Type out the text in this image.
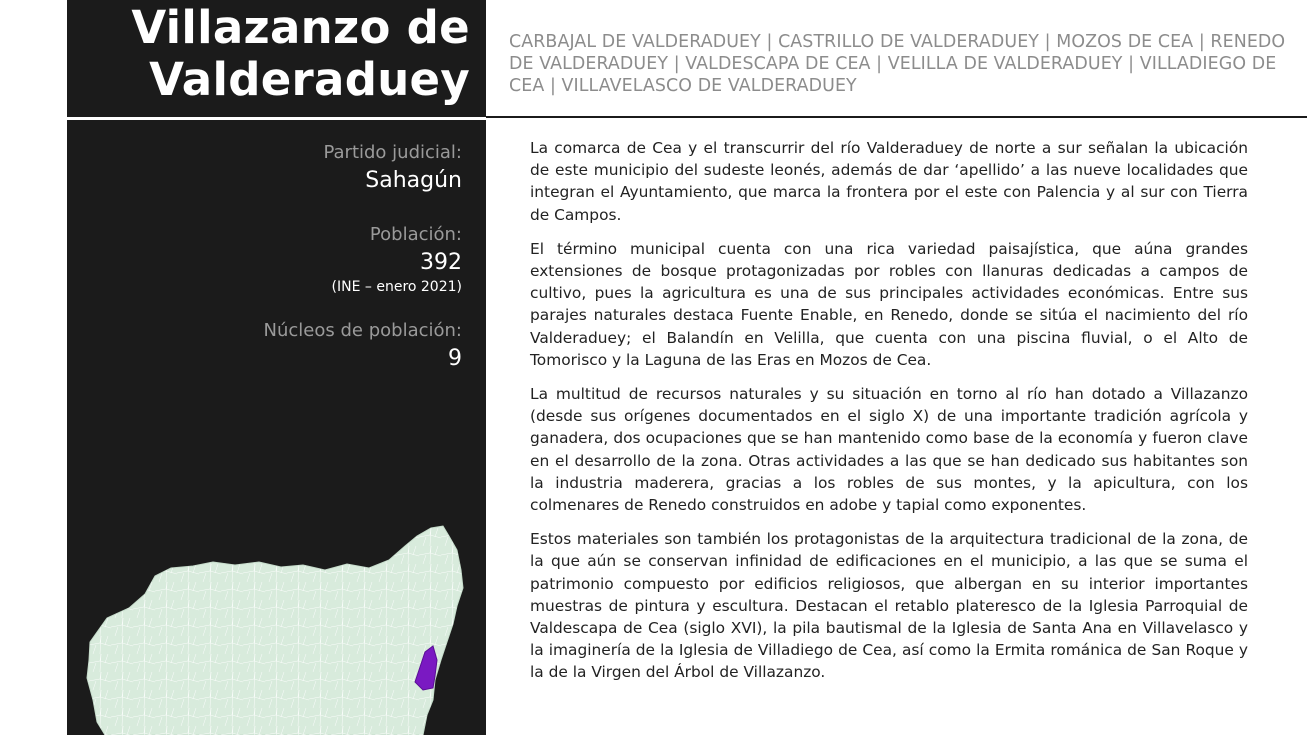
Partido judicial:
Sahagún
Población:
392
(INE – enero 2021)
Núcleos de población:
9
Villazanzo de
Valderaduey

CARBAJAL DE VALDERADUEY | CASTRILLO DE VALDERADUEY | MOZOS DE CEA | RENEDO DE VALDERADUEY | VALDESCAPA DE CEA | VELILLA DE VALDERADUEY | VILLADIEGO DE CEA | VILLAVELASCO DE VALDERADUEY

La comarca de Cea y el transcurrir del río Valderaduey de norte a sur señalan la ubicación de este municipio del sudeste leonés, además de dar ‘apellido’ a las nueve localidades que integran el Ayuntamiento, que marca la frontera por el este con Palencia y al sur con Tierra de Campos.

El término municipal cuenta con una rica variedad paisajística, que aúna grandes extensiones de bosque protagonizadas por robles con llanuras dedicadas a campos de cultivo, pues la agricultura es una de sus principales actividades económicas. Entre sus parajes naturales destaca Fuente Enable, en Renedo, donde se sitúa el nacimiento del río Valderaduey; el Balandín en Velilla, que cuenta con una piscina fluvial, o el Alto de Tomorisco y la Laguna de las Eras en Mozos de Cea.

La multitud de recursos naturales y su situación en torno al río han dotado a Villazanzo (desde sus orígenes documentados en el siglo X) de una importante tradición agrícola y ganadera, dos ocupaciones que se han mantenido como base de la economía y fueron clave en el desarrollo de la zona. Otras actividades a las que se han dedicado sus habitantes son la industria maderera, gracias a los robles de sus montes, y la apicultura, con los colmenares de Renedo construidos en adobe y tapial como exponentes.

Estos materiales son también los protagonistas de la arquitectura tradicional de la zona, de la que aún se conservan infinidad de edificaciones en el municipio, a las que se suma el patrimonio compuesto por edificios religiosos, que albergan en su interior importantes muestras de pintura y escultura. Destacan el retablo plateresco de la Iglesia Parroquial de Valdescapa de Cea (siglo XVI), la pila bautismal de la Iglesia de Santa Ana en Villavelasco y la imaginería de la Iglesia de Villadiego de Cea, así como la Ermita románica de San Roque y la de la Virgen del Árbol de Villazanzo.
